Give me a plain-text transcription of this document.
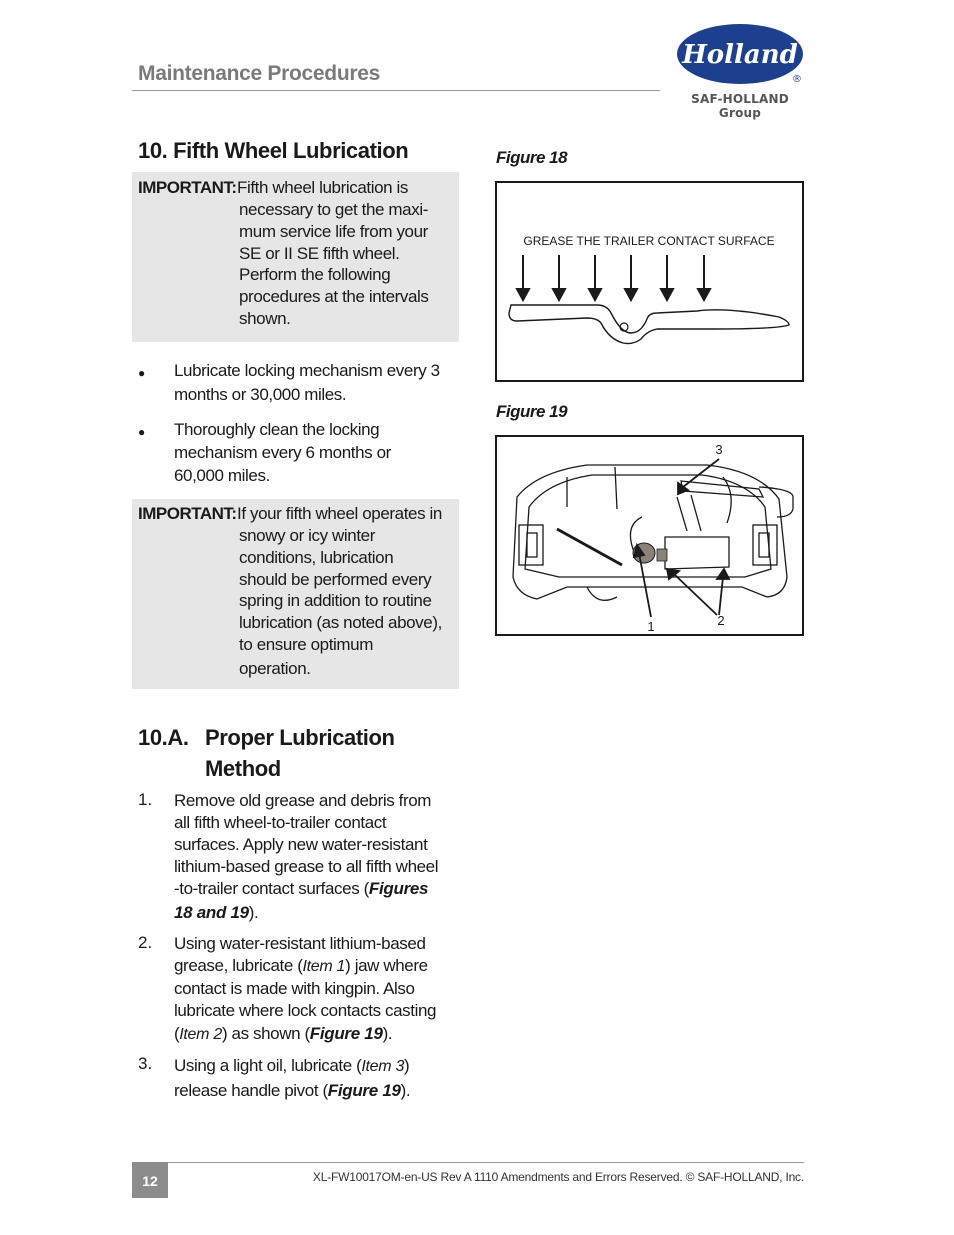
Maintenance Procedures
Holland
®
SAF-HOLLAND Group
10. Fifth Wheel Lubrication
IMPORTANT: Fifth wheel lubrication is
necessary to get the maxi-
mum service life from your
SE or II SE fifth wheel.
Perform the following
procedures at the intervals
shown.
● Lubricate locking mechanism every 3
months or 30,000 miles.
● Thoroughly clean the locking
mechanism every 6 months or
60,000 miles.
IMPORTANT: If your fifth wheel operates in
snowy or icy winter
conditions, lubrication
should be performed every
spring in addition to routine
lubrication (as noted above),
to ensure optimum
operation.
10.A. Proper Lubrication Method
1. Remove old grease and debris from
all fifth wheel-to-trailer contact
surfaces. Apply new water-resistant
lithium-based grease to all fifth wheel
-to-trailer contact surfaces (Figures
18 and 19).
2. Using water-resistant lithium-based
grease, lubricate (Item 1) jaw where
contact is made with kingpin. Also
lubricate where lock contacts casting
(Item 2) as shown (Figure 19).
3. Using a light oil, lubricate (Item 3)
release handle pivot (Figure 19).
Figure 18
GREASE THE TRAILER CONTACT SURFACE
Figure 19
1	2
3
12	XL-FW10017OM-en-US Rev A 1110 Amendments and Errors Reserved. © SAF-HOLLAND, Inc.
